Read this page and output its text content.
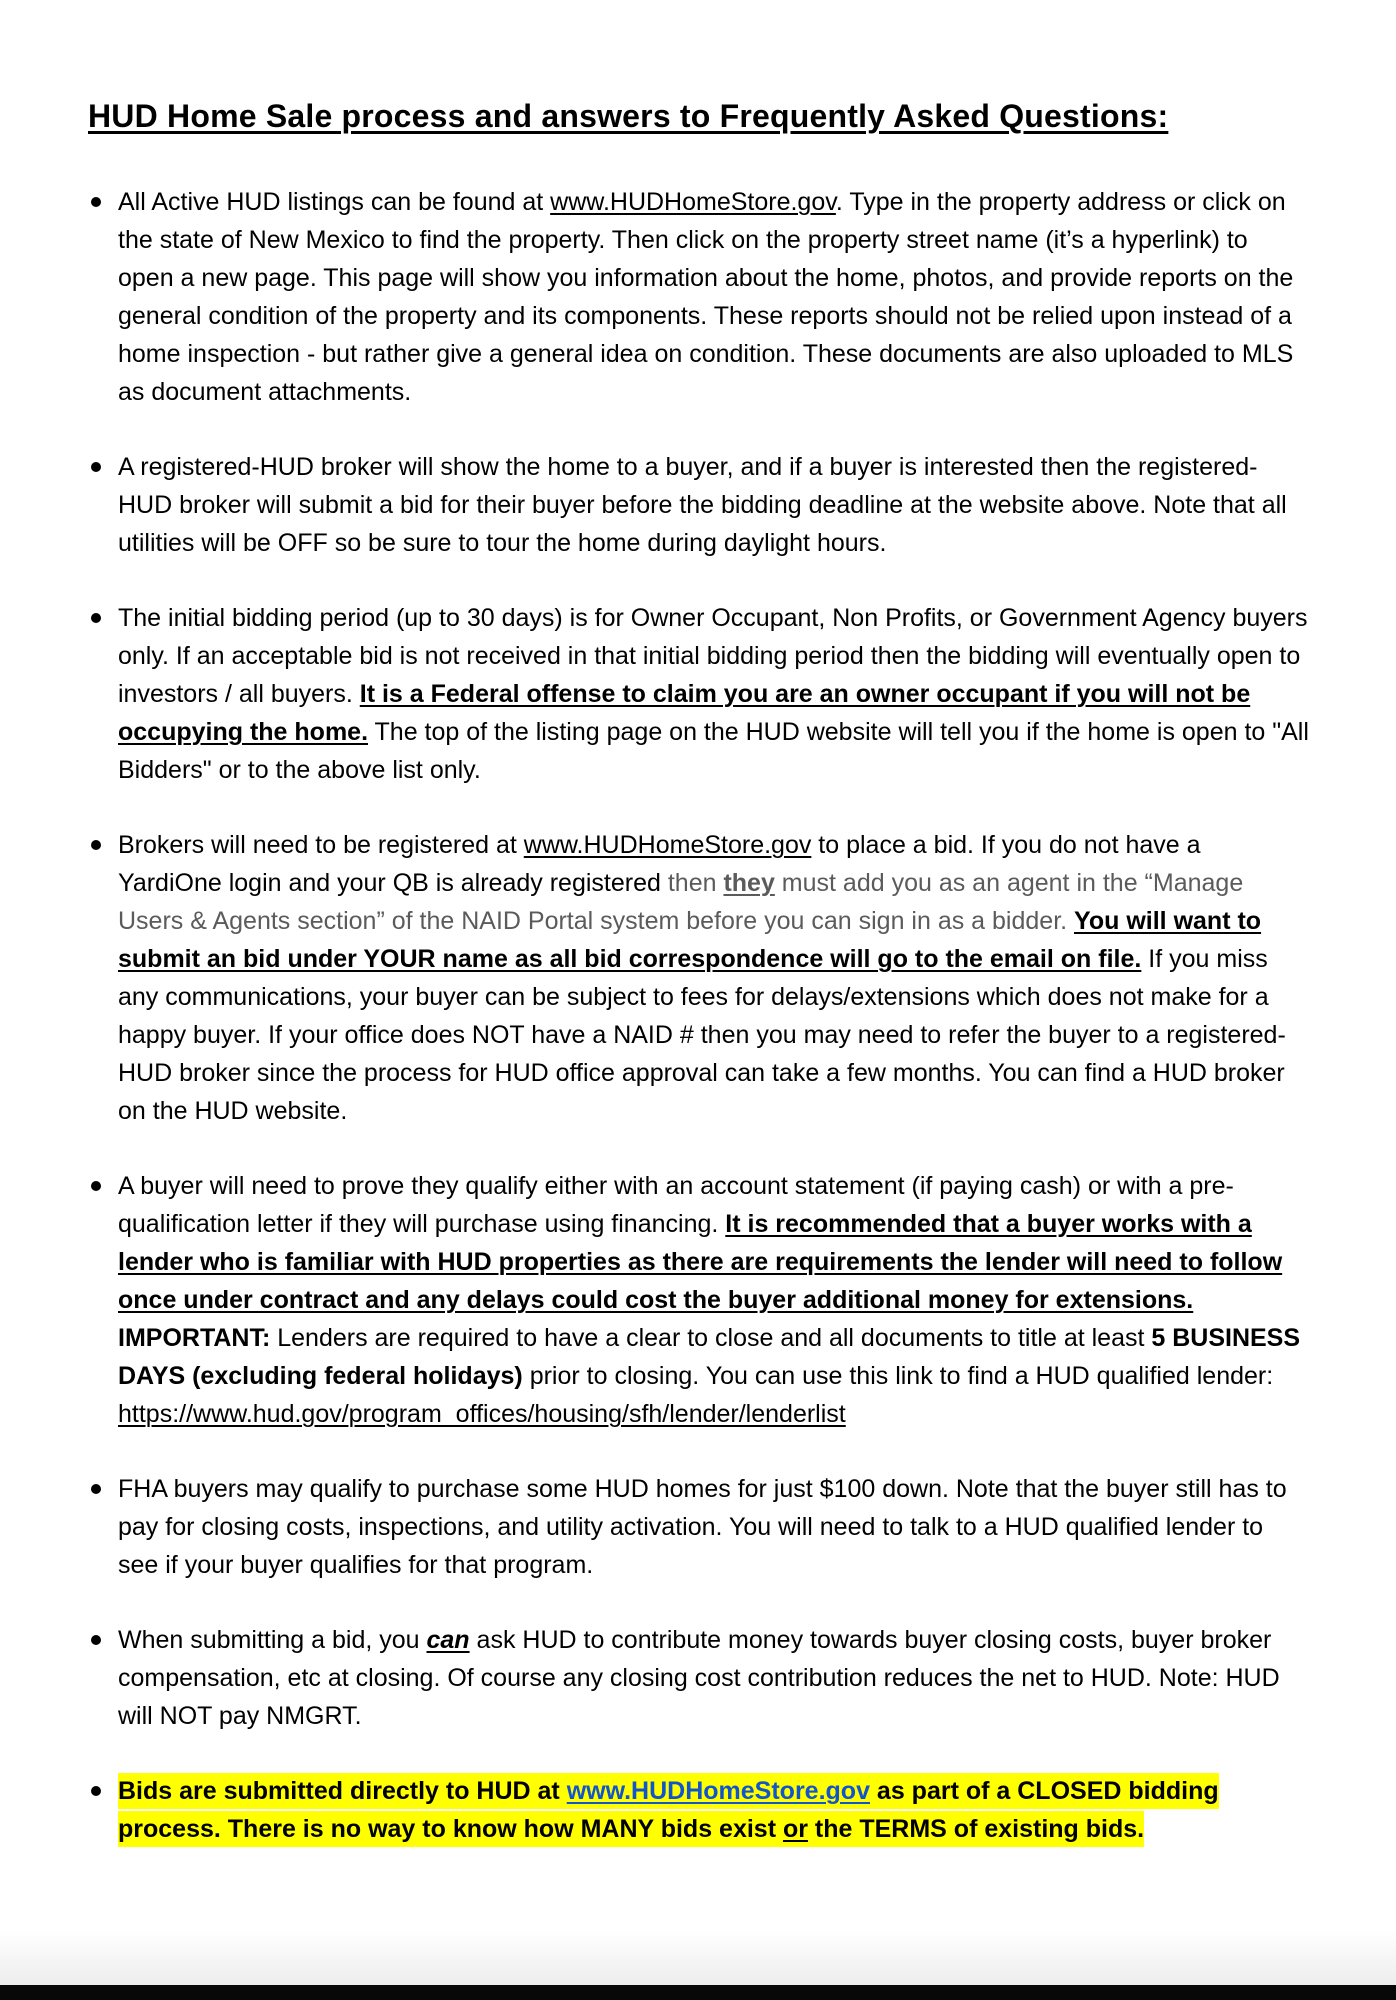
HUD Home Sale process and answers to Frequently Asked Questions:
All Active HUD listings can be found at www.HUDHomeStore.gov. Type in the property address or click on the state of New Mexico to find the property. Then click on the property street name (it’s a hyperlink) to open a new page. This page will show you information about the home, photos, and provide reports on the general condition of the property and its components. These reports should not be relied upon instead of a home inspection - but rather give a general idea on condition. These documents are also uploaded to MLS as document attachments.
A registered-HUD broker will show the home to a buyer, and if a buyer is interested then the registered-HUD broker will submit a bid for their buyer before the bidding deadline at the website above. Note that all utilities will be OFF so be sure to tour the home during daylight hours.
The initial bidding period (up to 30 days) is for Owner Occupant, Non Profits, or Government Agency buyers only. If an acceptable bid is not received in that initial bidding period then the bidding will eventually open to investors / all buyers. It is a Federal offense to claim you are an owner occupant if you will not be occupying the home. The top of the listing page on the HUD website will tell you if the home is open to "All Bidders" or to the above list only.
Brokers will need to be registered at www.HUDHomeStore.gov to place a bid. If you do not have a YardiOne login and your QB is already registered then they must add you as an agent in the “Manage Users & Agents section” of the NAID Portal system before you can sign in as a bidder. You will want to submit an bid under YOUR name as all bid correspondence will go to the email on file. If you miss any communications, your buyer can be subject to fees for delays/extensions which does not make for a happy buyer. If your office does NOT have a NAID # then you may need to refer the buyer to a registered-HUD broker since the process for HUD office approval can take a few months. You can find a HUD broker on the HUD website.
A buyer will need to prove they qualify either with an account statement (if paying cash) or with a pre-qualification letter if they will purchase using financing. It is recommended that a buyer works with a lender who is familiar with HUD properties as there are requirements the lender will need to follow once under contract and any delays could cost the buyer additional money for extensions. IMPORTANT: Lenders are required to have a clear to close and all documents to title at least 5 BUSINESS DAYS (excluding federal holidays) prior to closing. You can use this link to find a HUD qualified lender: https://www.hud.gov/program_offices/housing/sfh/lender/lenderlist
FHA buyers may qualify to purchase some HUD homes for just $100 down. Note that the buyer still has to pay for closing costs, inspections, and utility activation. You will need to talk to a HUD qualified lender to see if your buyer qualifies for that program.
When submitting a bid, you can ask HUD to contribute money towards buyer closing costs, buyer broker compensation, etc at closing. Of course any closing cost contribution reduces the net to HUD. Note: HUD will NOT pay NMGRT.
Bids are submitted directly to HUD at www.HUDHomeStore.gov as part of a CLOSED bidding process. There is no way to know how MANY bids exist or the TERMS of existing bids.
